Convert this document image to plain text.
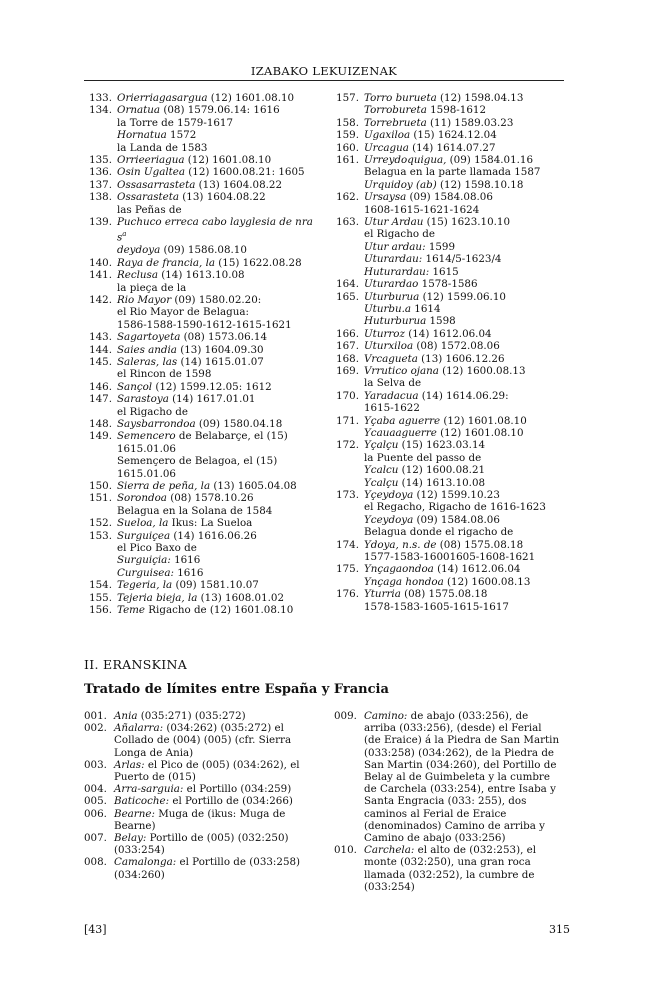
IZABAKO LEKUIZENAK
133. Orierriagasargua (12) 1601.08.10
134. Ornatua (08) 1579.06.14: 1616
la Torre de 1579-1617
Hornatua 1572
la Landa de 1583
135. Orrieeriagua (12) 1601.08.10
136. Osin Ugaltea (12) 1600.08.21: 1605
137. Ossasarrasteta (13) 1604.08.22
138. Ossarasteta (13) 1604.08.22
las Peñas de
139. Puchuco erreca cabo layglesia de nra $s^a$
deydoya (09) 1586.08.10
140. Raya de francia, la (15) 1622.08.28
141. Reclusa (14) 1613.10.08
la pieça de la
142. Rio Mayor (09) 1580.02.20:
el Rio Mayor de Belagua:
1586-1588-1590-1612-1615-1621
143. Sagartoyeta (08) 1573.06.14
144. Saies andia (13) 1604.09.30
145. Saleras, las (14) 1615.01.07
el Rincon de 1598
146. Sançol (12) 1599.12.05: 1612
147. Sarastoya (14) 1617.01.01
el Rigacho de
148. Saysbarrondoa (09) 1580.04.18
149. Semencero de Belabarçe, el (15)
1615.01.06
Semençero de Belagoa, el (15)
1615.01.06
150. Sierra de peña, la (13) 1605.04.08
151. Sorondoa (08) 1578.10.26
Belagua en la Solana de 1584
152. Sueloa, la Ikus: La Sueloa
153. Surguiçea (14) 1616.06.26
el Pico Baxo de
Surguiçia: 1616
Curguisea: 1616
154. Tegeria, la (09) 1581.10.07
155. Tejeria bieja, la (13) 1608.01.02
156. Teme Rigacho de (12) 1601.08.10
157. Torro burueta (12) 1598.04.13
Torrobureta 1598-1612
158. Torrebrueta (11) 1589.03.23
159. Ugaxiloa (15) 1624.12.04
160. Urcagua (14) 1614.07.27
161. Urreydoquigua, (09) 1584.01.16
Belagua en la parte llamada 1587
Urquidoy (ab) (12) 1598.10.18
162. Ursaysa (09) 1584.08.06
1608-1615-1621-1624
163. Utur Ardau (15) 1623.10.10
el Rigacho de
Utur ardau: 1599
Uturardau: 1614/5-1623/4
Huturardau: 1615
164. Uturardao 1578-1586
165. Uturburua (12) 1599.06.10
Uturbu.a 1614
Huturburua 1598
166. Uturroz (14) 1612.06.04
167. Uturxiloa (08) 1572.08.06
168. Vrcagueta (13) 1606.12.26
169. Vrrutico ojana (12) 1600.08.13
la Selva de
170. Yaradacua (14) 1614.06.29:
1615-1622
171. Yçaba aguerre (12) 1601.08.10
Ycauaaguerre (12) 1601.08.10
172. Yçalçu (15) 1623.03.14
la Puente del passo de
Ycalcu (12) 1600.08.21
Ycalçu (14) 1613.10.08
173. Yçeydoya (12) 1599.10.23
el Regacho, Rigacho de 1616-1623
Yceydoya (09) 1584.08.06
Belagua donde el rigacho de
174. Ydoya, n.s. de (08) 1575.08.18
1577-1583-16001605-1608-1621
175. Ynçagaondoa (14) 1612.06.04
Ynçaga hondoa (12) 1600.08.13
176. Yturria (08) 1575.08.18
1578-1583-1605-1615-1617
II. ERANSKINA
Tratado de límites entre España y Francia
001. Ania (035:271) (035:272)
002. Añalarra: (034:262) (035:272) el
Collado de (004) (005) (cfr. Sierra
Longa de Ania)
003. Arlas: el Pico de (005) (034:262), el
Puerto de (015)
004. Arra-sarguia: el Portillo (034:259)
005. Baticoche: el Portillo de (034:266)
006. Bearne: Muga de (ikus: Muga de
Bearne)
007. Belay: Portillo de (005) (032:250)
(033:254)
008. Camalonga: el Portillo de (033:258)
(034:260)
009. Camino: de abajo (033:256), de
arriba (033:256), (desde) el Ferial
(de Eraice) á la Piedra de San Martin
(033:258) (034:262), de la Piedra de
San Martin (034:260), del Portillo de
Belay al de Guimbeleta y la cumbre
de Carchela (033:254), entre Isaba y
Santa Engracia (033: 255), dos
caminos al Ferial de Eraice
(denominados) Camino de arriba y
Camino de abajo (033:256)
010. Carchela: el alto de (032:253), el
monte (032:250), una gran roca
llamada (032:252), la cumbre de
(033:254)
[43]	315
